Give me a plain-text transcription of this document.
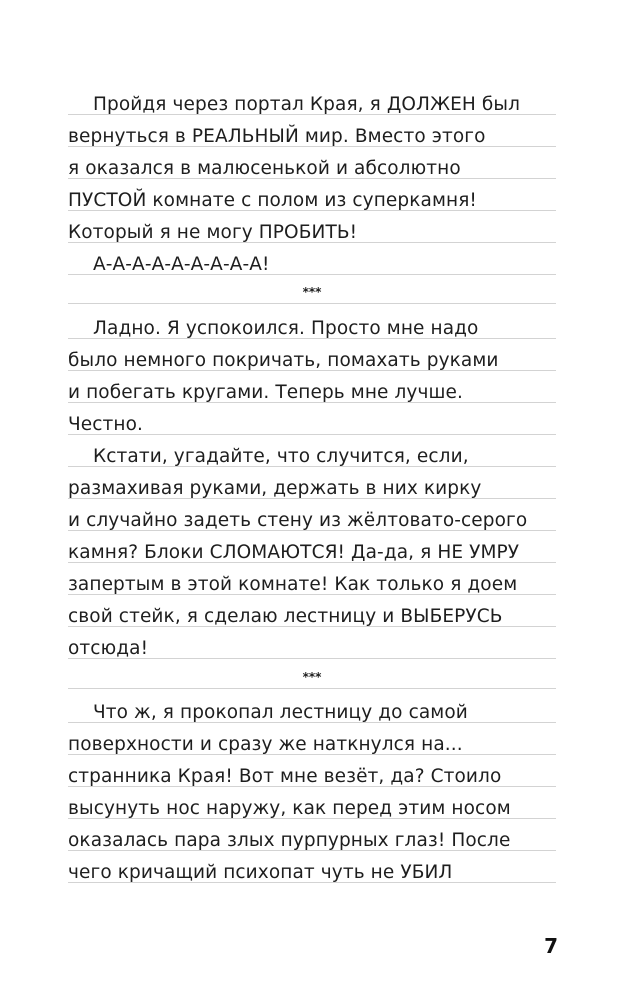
Пройдя через портал Края, я ДОЛЖЕН был
вернуться в РЕАЛЬНЫЙ мир. Вместо этого
я оказался в малюсенькой и абсолютно
ПУСТОЙ комнате с полом из суперкамня!
Который я не могу ПРОБИТЬ!
А-А-А-А-А-А-А-А-А!
***
Ладно. Я успокоился. Просто мне надо
было немного покричать, помахать руками
и побегать кругами. Теперь мне лучше.
Честно.
Кстати, угадайте, что случится, если,
размахивая руками, держать в них кирку
и случайно задеть стену из жёлтовато-серого
камня? Блоки СЛОМАЮТСЯ! Да-да, я НЕ УМРУ
запертым в этой комнате! Как только я доем
свой стейк, я сделаю лестницу и ВЫБЕРУСЬ
отсюда!
***
Что ж, я прокопал лестницу до самой
поверхности и сразу же наткнулся на...
странника Края! Вот мне везёт, да? Стоило
высунуть нос наружу, как перед этим носом
оказалась пара злых пурпурных глаз! После
чего кричащий психопат чуть не УБИЛ
7
